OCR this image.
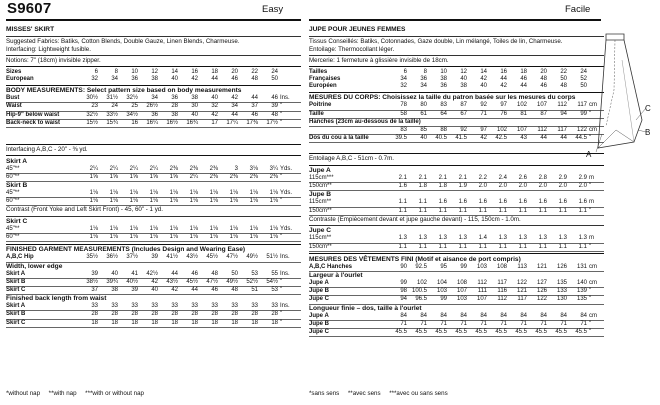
S9607	Easy	Facile
MISSES' SKIRT
Suggested Fabrics: Batiks, Cotton Blends, Double Gauze, Linen Blends, Charmeuse.
Interfacing: Lightweight fusible.
Notions: 7" (18cm) invisible zipper.
Sizes	6	8	10	12	14	16	18	20	22	24	
European	32	34	36	38	40	42	44	46	48	50	
BODY MEASUREMENTS: Select pattern size based on body measurements
Bust	30½	31½	32½	34	36	38	40	42	44	46	Ins.
Waist	23	24	25	26½	28	30	32	34	37	39	"
Hip-9" below waist	32½	33½	34½	36	38	40	42	44	46	48	"
Back-neck to waist	15½	15¾	16	16¼	16½	16¾	17	17¼	17⅜	17½	"
Interfacing A,B,C - 20" - ⅜ yd.
Skirt A
45"**	2¼	2¼	2¼	2¼	2⅜	2⅜	2⅜	3	3⅛	3¼	Yds.
60"**	1⅝	1⅝	1⅝	1⅝	1⅝	2¼	2⅜	2⅜	2⅜	2⅜	"
Skirt B
45"**	1⅛	1⅛	1⅛	1⅛	1⅛	1⅛	1⅛	1⅛	1⅛	1⅛	Yds.
60"**	1⅛	1⅛	1⅛	1⅛	1⅛	1⅛	1⅛	1⅛	1⅛	1⅛	"
Contrast (Front Yoke and Left Skirt Front) - 45, 60" - 1 yd.
Skirt C
45"**	1⅛	1⅛	1⅛	1⅛	1⅛	1⅛	1⅛	1⅛	1⅛	1⅛	Yds.
60"**	1⅛	1⅛	1⅛	1⅛	1⅛	1⅛	1⅛	1⅛	1⅛	1⅛	"
FINISHED GARMENT MEASUREMENTS (Includes Design and Wearing Ease)
A,B,C Hip	35½	36½	37½	39	41½	43½	45½	47½	49½	51½	Ins.
Width, lower edge
Skirt A	39	40	41	42½	44	46	48	50	53	55	Ins.
Skirt B	38½	39¾	40½	42	43½	45½	47½	49½	52½	54½	"
Skirt C	37	38	39	40	42	44	46	48	51	53	"
Finished back length from waist
Skirt A	33	33	33	33	33	33	33	33	33	33	Ins.
Skirt B	28	28	28	28	28	28	28	28	28	28	"
Skirt C	18	18	18	18	18	18	18	18	18	18	"
JUPE POUR JEUNES FEMMES
Tissus Conseillés: Batiks, Cotonnades, Gaze double, Lin mélangé, Toiles de lin, Charmeuse.
Entoilage: Thermocollant léger.
Mercerie: 1 fermeture à glissière invisible de 18cm.
Tailles	6	8	10	12	14	16	18	20	22	24	
Françaises	34	36	38	40	42	44	46	48	50	52	
Européen	32	34	36	38	40	42	44	46	48	50	
MESURES DU CORPS: Choisissez la taille du patron basée sur les mesures du corps
Poitrine	78	80	83	87	92	97	102	107	112	117	cm
Taille	58	61	64	67	71	76	81	87	94	99	"
Hanches (23cm au-dessous de la taille)											
	83	85	88	92	97	102	107	112	117	122	cm
Dos du cou à la taille	39.5	40	40.5	41.5	42	42.5	43	44	44	44.5	"
Entoilage A,B,C - 51cm - 0.7m.
Jupe A
115cm***	2.1	2.1	2.1	2.1	2.2	2.4	2.6	2.8	2.9	2.9	m
150cm**	1.6	1.8	1.8	1.9	2.0	2.0	2.0	2.0	2.0	2.0	"
Jupe B
115cm**	1.1	1.1	1.6	1.6	1.6	1.6	1.6	1.6	1.6	1.6	m
150cm**	1.1	1.1	1.1	1.1	1.1	1.1	1.1	1.1	1.1	1.1	"
Contraste (Empiècement devant et jupe gauche devant) - 115, 150cm - 1.0m.
Jupe C
115cm**	1.3	1.3	1.3	1.3	1.4	1.3	1.3	1.3	1.3	1.3	m
150cm**	1.1	1.1	1.1	1.1	1.1	1.1	1.1	1.1	1.1	1.1	"
MESURES DES VÊTEMENTS FINI (Motif et aisance de port compris)
A,B,C Hanches	90	92.5	95	99	103	108	113	121	126	131	cm
Largeur à l'ourlet
Jupe A	99	102	104	108	112	117	122	127	135	140	cm
Jupe B	98	100.5	103	107	111	116	121	126	133	139	"
Jupe C	94	96.5	99	103	107	112	117	122	130	135	"
Longueur finie – dos, taille à l'ourlet
Jupe A	84	84	84	84	84	84	84	84	84	84	cm
Jupe B	71	71	71	71	71	71	71	71	71	71	"
Jupe C	45.5	45.5	45.5	45.5	45.5	45.5	45.5	45.5	45.5	45.5	"
A
B
C
*without nap **with nap ***with or without nap	*sans sens **avec sens ***avec ou sans sens
